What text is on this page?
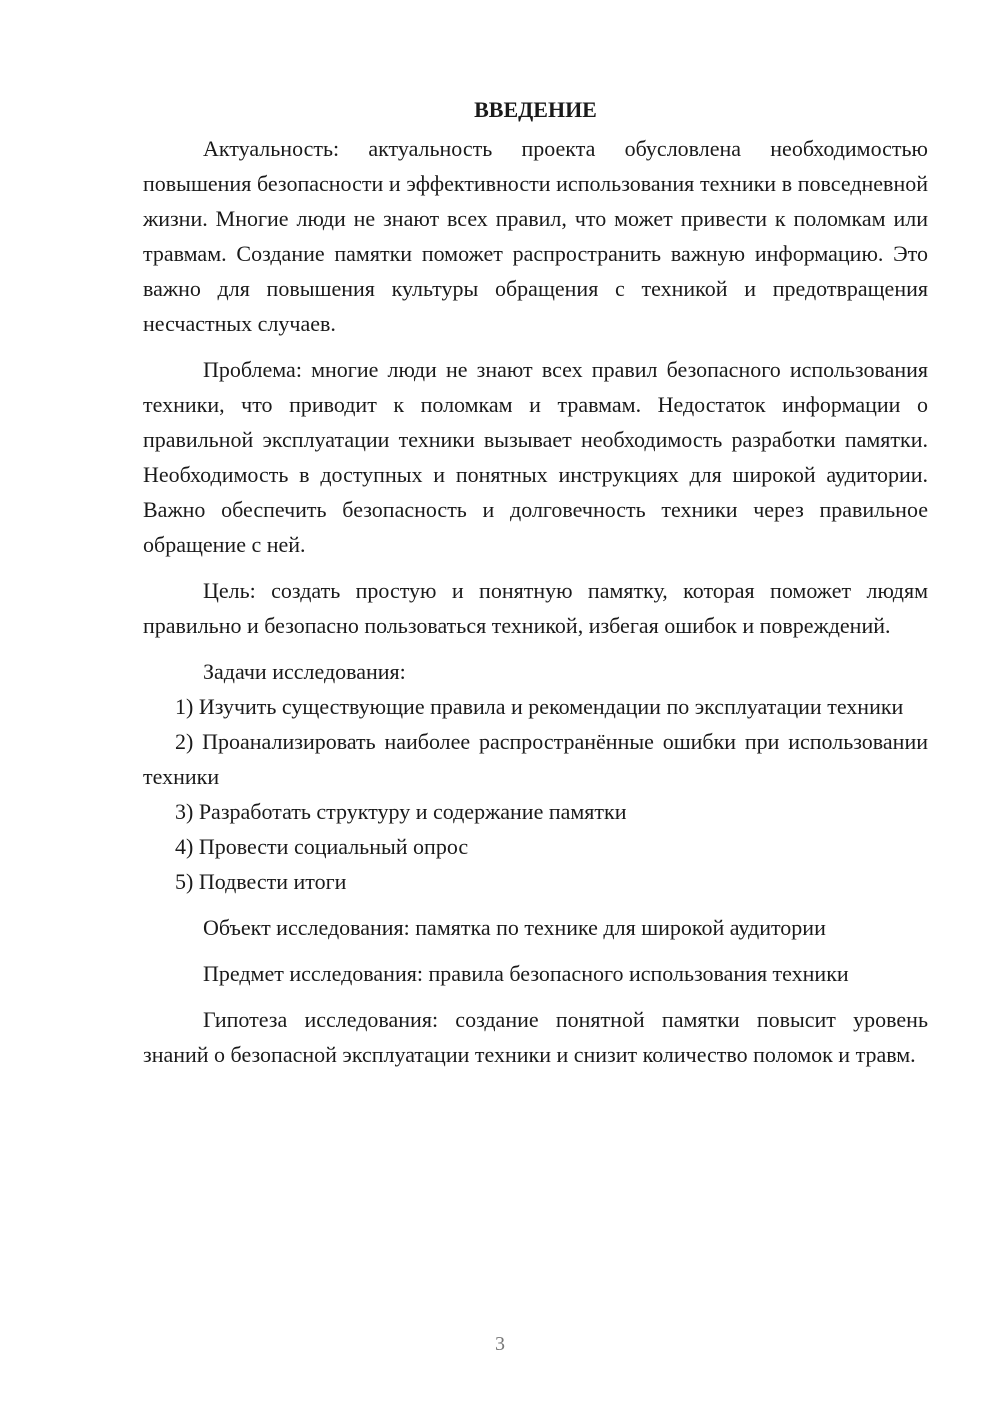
ВВЕДЕНИЕ

Актуальность: актуальность проекта обусловлена необходимостью повышения безопасности и эффективности использования техники в повседневной жизни. Многие люди не знают всех правил, что может привести к поломкам или травмам. Создание памятки поможет распространить важную информацию. Это важно для повышения культуры обращения с техникой и предотвращения несчастных случаев.

Проблема: многие люди не знают всех правил безопасного использования техники, что приводит к поломкам и травмам. Недостаток информации о правильной эксплуатации техники вызывает необходимость разработки памятки. Необходимость в доступных и понятных инструкциях для широкой аудитории. Важно обеспечить безопасность и долговечность техники через правильное обращение с ней.

Цель: создать простую и понятную памятку, которая поможет людям правильно и безопасно пользоваться техникой, избегая ошибок и повреждений.

Задачи исследования:

1) Изучить существующие правила и рекомендации по эксплуатации техники

2) Проанализировать наиболее распространённые ошибки при использовании техники

3) Разработать структуру и содержание памятки

4) Провести социальный опрос

5) Подвести итоги

Объект исследования: памятка по технике для широкой аудитории

Предмет исследования: правила безопасного использования техники

Гипотеза исследования: создание понятной памятки повысит уровень знаний о безопасной эксплуатации техники и снизит количество поломок и травм.

3
